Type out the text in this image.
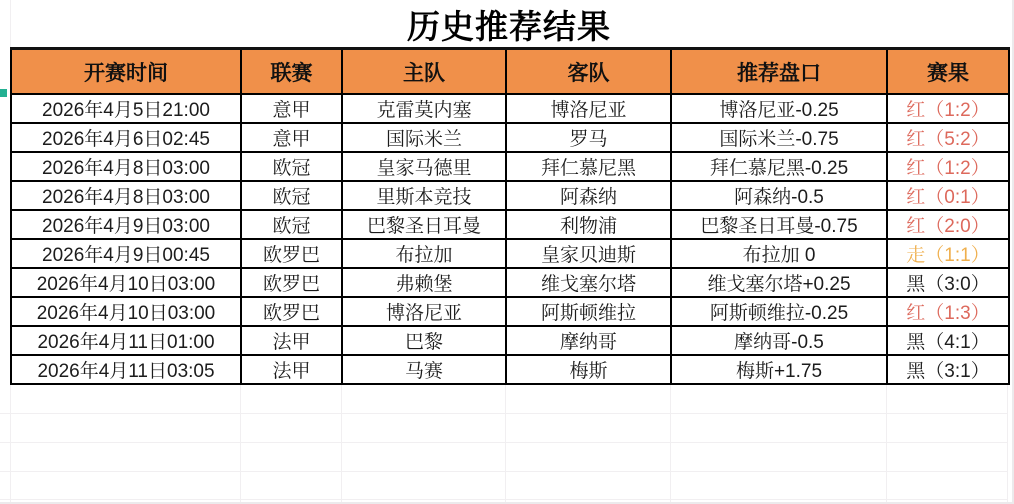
历史推荐结果
开赛时间	联赛	主队	客队	推荐盘口	赛果
2026年4月5日21:00	意甲	克雷莫内塞	博洛尼亚	博洛尼亚-0.25	红（1:2）
2026年4月6日02:45	意甲	国际米兰	罗马	国际米兰-0.75	红（5:2）
2026年4月8日03:00	欧冠	皇家马德里	拜仁慕尼黑	拜仁慕尼黑-0.25	红（1:2）
2026年4月8日03:00	欧冠	里斯本竞技	阿森纳	阿森纳-0.5	红（0:1）
2026年4月9日03:00	欧冠	巴黎圣日耳曼	利物浦	巴黎圣日耳曼-0.75	红（2:0）
2026年4月9日00:45	欧罗巴	布拉加	皇家贝迪斯	布拉加 0	走（1:1）
2026年4月10日03:00	欧罗巴	弗赖堡	维戈塞尔塔	维戈塞尔塔+0.25	黑（3:0）
2026年4月10日03:00	欧罗巴	博洛尼亚	阿斯顿维拉	阿斯顿维拉-0.25	红（1:3）
2026年4月11日01:00	法甲	巴黎	摩纳哥	摩纳哥-0.5	黑（4:1）
2026年4月11日03:05	法甲	马赛	梅斯	梅斯+1.75	黑（3:1）
